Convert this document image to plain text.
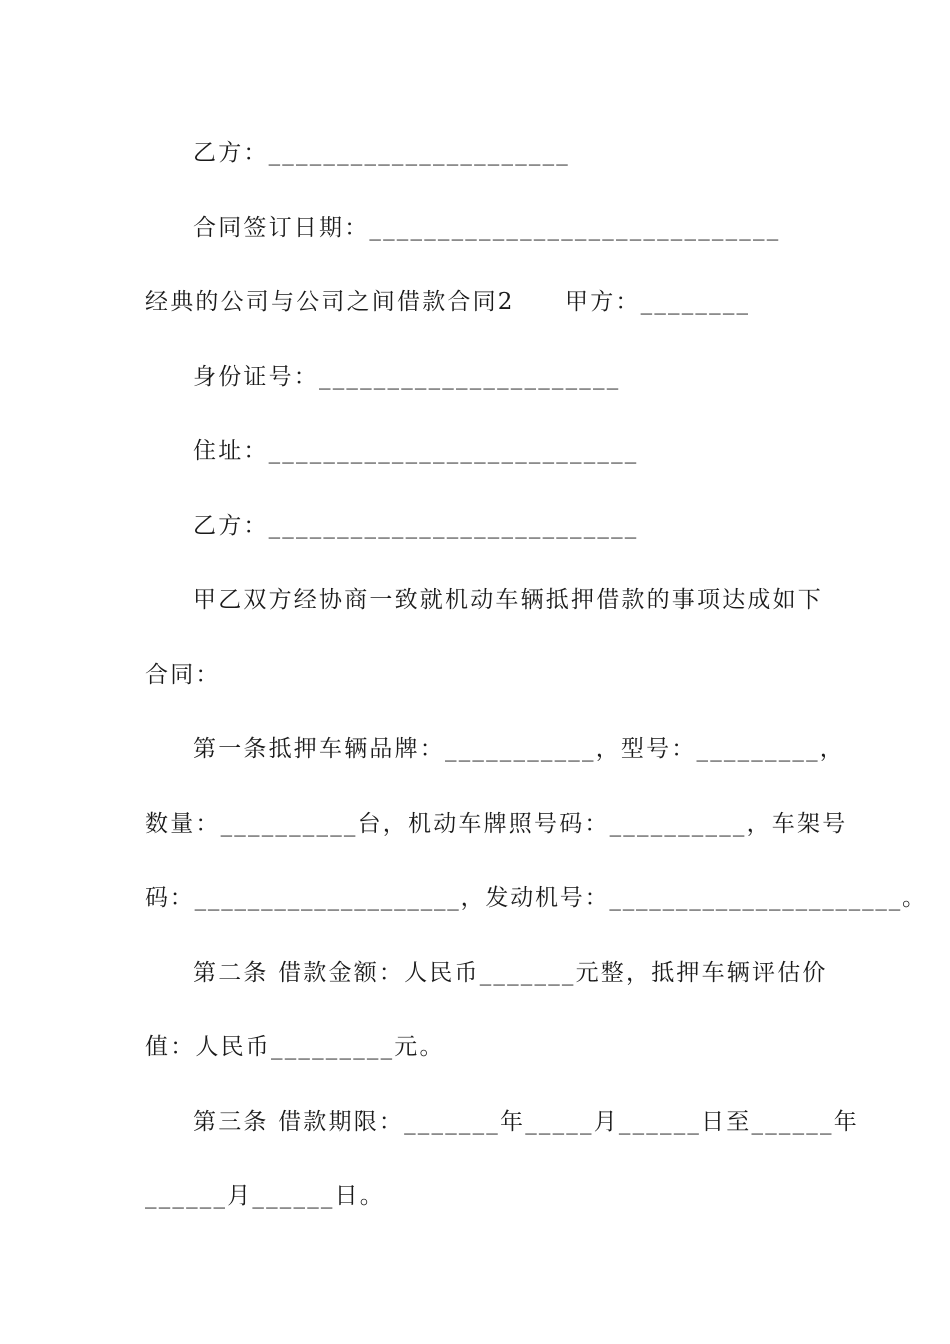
乙方：______________________
合同签订日期：______________________________
经典的公司与公司之间借款合同2　　甲方：________
身份证号：______________________
住址：___________________________
乙方：___________________________
甲乙双方经协商一致就机动车辆抵押借款的事项达成如下
合同：
第一条抵押车辆品牌：___________，型号：_________，
数量：__________台，机动车牌照号码：__________，车架号
码：____________________，发动机号：______________________。
第二条 借款金额：人民币_______元整，抵押车辆评估价
值：人民币_________元。
第三条 借款期限：_______年_____月______日至______年
______月______日。
